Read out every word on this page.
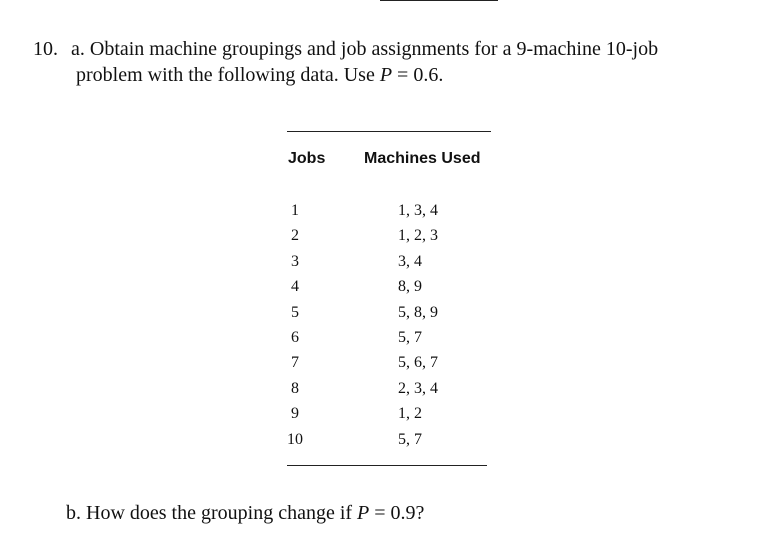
10. a. Obtain machine groupings and job assignments for a 9-machine 10-job
problem with the following data. Use P = 0.6.
Jobs Machines Used
1
2
3
4
5
6
7
8
9
10
1, 3, 4
1, 2, 3
3, 4
8, 9
5, 8, 9
5, 7
5, 6, 7
2, 3, 4
1, 2
5, 7
b. How does the grouping change if P = 0.9?
